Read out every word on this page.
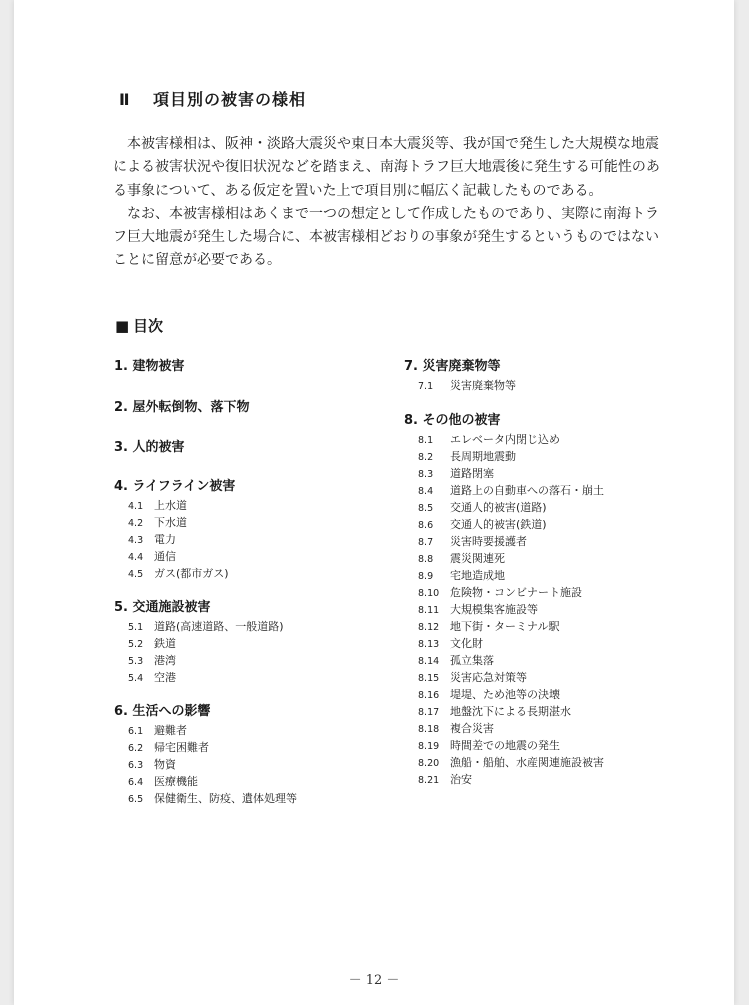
Ⅱ 項目別の被害の様相

　本被害様相は、阪神・淡路大震災や東日本大震災等、我が国で発生した大規模な地震による被害状況や復旧状況などを踏まえ、南海トラフ巨大地震後に発生する可能性のある事象について、ある仮定を置いた上で項目別に幅広く記載したものである。

　なお、本被害様相はあくまで一つの想定として作成したものであり、実際に南海トラフ巨大地震が発生した場合に、本被害様相どおりの事象が発生するというものではないことに留意が必要である。

■ 目次
1. 建物被害
2. 屋外転倒物、落下物
3. 人的被害
4. ライフライン被害
4.1 上水道
4.2 下水道
4.3 電力
4.4 通信
4.5 ガス(都市ガス)
5. 交通施設被害
5.1 道路(高速道路、一般道路)
5.2 鉄道
5.3 港湾
5.4 空港
6. 生活への影響
6.1 避難者
6.2 帰宅困難者
6.3 物資
6.4 医療機能
6.5 保健衛生、防疫、遺体処理等
7. 災害廃棄物等
7.1 災害廃棄物等
8. その他の被害
8.1 エレベータ内閉じ込め
8.2 長周期地震動
8.3 道路閉塞
8.4 道路上の自動車への落石・崩土
8.5 交通人的被害(道路)
8.6 交通人的被害(鉄道)
8.7 災害時要援護者
8.8 震災関連死
8.9 宅地造成地
8.10 危険物・コンビナート施設
8.11 大規模集客施設等
8.12 地下街・ターミナル駅
8.13 文化財
8.14 孤立集落
8.15 災害応急対策等
8.16 堤堤、ため池等の決壊
8.17 地盤沈下による長期湛水
8.18 複合災害
8.19 時間差での地震の発生
8.20 漁船・船舶、水産関連施設被害
8.21 治安
－ 12 －
